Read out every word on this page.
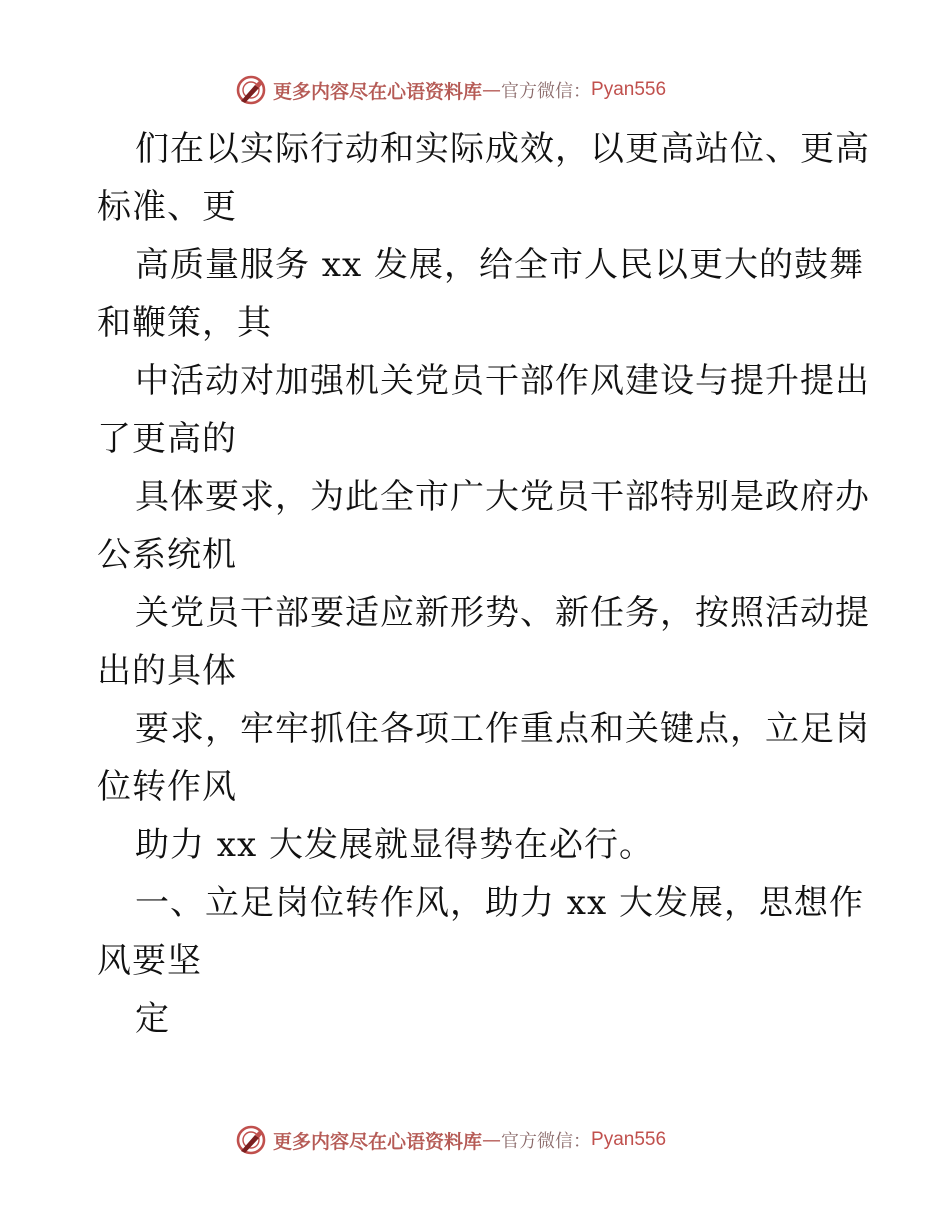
更多内容尽在心语资料库 — 官方微信： Pyan556
们在以实际行动和实际成效，以更高站位、更高
标准、更
高质量服务 xx 发展，给全市人民以更大的鼓舞
和鞭策，其
中活动对加强机关党员干部作风建设与提升提出
了更高的
具体要求，为此全市广大党员干部特别是政府办
公系统机
关党员干部要适应新形势、新任务，按照活动提
出的具体
要求，牢牢抓住各项工作重点和关键点，立足岗
位转作风
助力 xx 大发展就显得势在必行。
一、立足岗位转作风，助力 xx 大发展，思想作
风要坚
定
更多内容尽在心语资料库 — 官方微信： Pyan556
